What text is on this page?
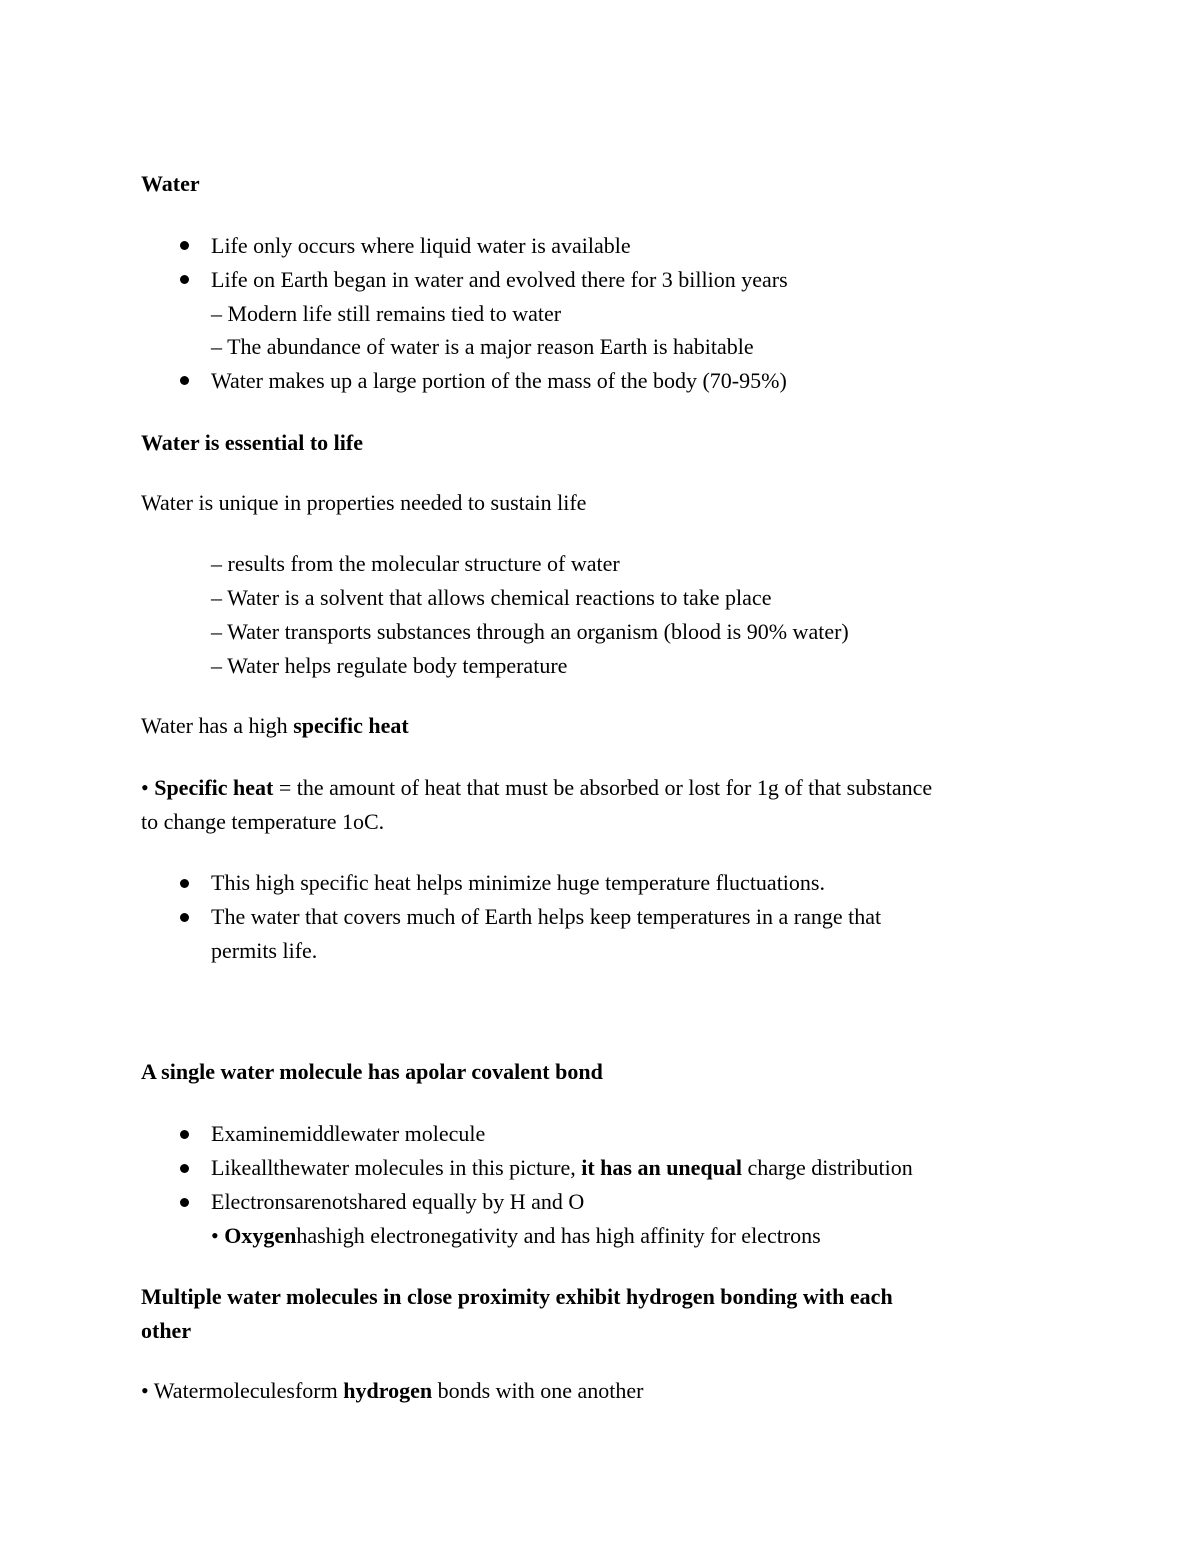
Water
Life only occurs where liquid water is available
Life on Earth began in water and evolved there for 3 billion years
– Modern life still remains tied to water
– The abundance of water is a major reason Earth is habitable
Water makes up a large portion of the mass of the body (70-95%)
Water is essential to life
Water is unique in properties needed to sustain life
– results from the molecular structure of water
– Water is a solvent that allows chemical reactions to take place
– Water transports substances through an organism (blood is 90% water)
– Water helps regulate body temperature
Water has a high specific heat
• Specific heat = the amount of heat that must be absorbed or lost for 1g of that substance
to change temperature 1oC.
This high specific heat helps minimize huge temperature fluctuations.
The water that covers much of Earth helps keep temperatures in a range that
permits life.
A single water molecule has apolar covalent bond
Examinemiddlewater molecule
Likeallthewater molecules in this picture, it has an unequal charge distribution
Electronsarenotshared equally by H and O
• Oxygenhashigh electronegativity and has high affinity for electrons
Multiple water molecules in close proximity exhibit hydrogen bonding with each
other
• Watermoleculesform hydrogen bonds with one another
